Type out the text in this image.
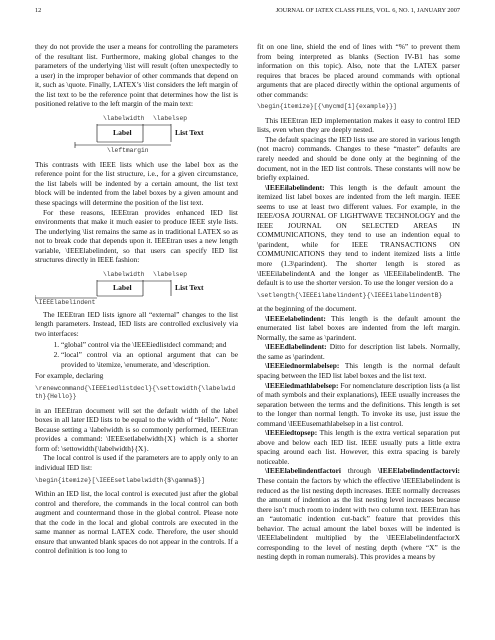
12	JOURNAL OF IATEX CLASS FILES, VOL. 6, NO. 1, JANUARY 2007

they do not provide the user a means for controlling the parameters of the resultant list. Furthermore, making global changes to the parameters of the underlying \list will result (often unexpectedly to a user) in the improper behavior of other commands that depend on it, such as \quote. Finally, LATEX’s \list considers the left margin of the list text to be the reference point that determines how the list is positioned relative to the left margin of the main text:

\labelwidth \labelsep
Label	List Text
\leftmargin

This contrasts with IEEE lists which use the label box as the reference point for the list structure, i.e., for a given circumstance, the list labels will be indented by a certain amount, the list text block will be indented from the label boxes by a given amount and these spacings will determine the position of the list text.

For these reasons, IEEEtran provides enhanced IED list environments that make it much easier to produce IEEE style lists. The underlying \list remains the same as in traditional LATEX so as not to break code that depends upon it. IEEEtran uses a new length variable, \IEEElabelindent, so that users can specify IED list structures directly in IEEE fashion:

\labelwidth \labelsep
Label	List Text
\IEEElabelindent

The IEEEtran IED lists ignore all “external” changes to the list length parameters. Instead, IED lists are controlled exclusively via two interfaces:

1. “global” control via the \IEEEiedlistdecl command; and
2. “local” control via an optional argument that can be provided to \itemize, \enumerate, and \description.

For example, declaring

\renewcommand{\IEEEiedlistdecl}{\settowidth{\labelwidth}{Hello}}

in an IEEEtran document will set the default width of the label boxes in all later IED lists to be equal to the width of “Hello”. Note: Because setting a \labelwidth is so commonly performed, IEEEtran provides a command: \IEEEsetlabelwidth{X} which is a shorter form of: \settowidth{\labelwidth}{X}.

The local control is used if the parameters are to apply only to an individual IED list:

\begin{itemize}[\IEEEsetlabelwidth{$\gamma$}]

Within an IED list, the local control is executed just after the global control and therefore, the commands in the local control can both augment and countermand those in the global control. Please note that the code in the local and global controls are executed in the same manner as normal LATEX code. Therefore, the user should ensure that unwanted blank spaces do not appear in the controls. If a control definition is too long to

fit on one line, shield the end of lines with “%” to prevent them from being interpreted as blanks (Section IV-B1 has some information on this topic). Also, note that the LATEX parser requires that braces be placed around commands with optional arguments that are placed directly within the optional arguments of other commands:

\begin{itemize}[{\mycmd[1]{example}}]

This IEEEtran IED implementation makes it easy to control IED lists, even when they are deeply nested.

The default spacings the IED lists use are stored in various length (not macro) commands. Changes to these “master” defaults are rarely needed and should be done only at the beginning of the document, not in the IED list controls. These constants will now be briefly explained.

\IEEEilabelindent: This length is the default amount the itemized list label boxes are indented from the left margin. IEEE seems to use at least two different values. For example, in the IEEE/OSA JOURNAL OF LIGHTWAVE TECHNOLOGY and the IEEE JOURNAL ON SELECTED AREAS IN COMMUNICATIONS, they tend to use an indention equal to \parindent, while for IEEE TRANSACTIONS ON COMMUNICATIONS they tend to indent itemized lists a little more (1.3\parindent). The shorter length is stored as \IEEEilabelindentA and the longer as \IEEEilabelindentB. The default is to use the shorter version. To use the longer version do a

\setlength{\IEEEilabelindent}{\IEEEilabelindentB}

at the beginning of the document.

\IEEEelabelindent: This length is the default amount the enumerated list label boxes are indented from the left margin. Normally, the same as \parindent.

\IEEEdlabelindent: Ditto for description list labels. Normally, the same as \parindent.

\IEEEiednormlabelsep: This length is the normal default spacing between the IED list label boxes and the list text.

\IEEEiedmathlabelsep: For nomenclature description lists (a list of math symbols and their explanations), IEEE usually increases the separation between the terms and the definitions. This length is set to the longer than normal length. To invoke its use, just issue the command \IEEEusemathlabelsep in a list control.

\IEEEiedtopsep: This length is the extra vertical separation put above and below each IED list. IEEE usually puts a little extra spacing around each list. However, this extra spacing is barely noticeable.

\IEEElabelindentfactori through \IEEElabelindentfactorvi: These contain the factors by which the effective \IEEElabelindent is reduced as the list nesting depth increases. IEEE normally decreases the amount of indention as the list nesting level increases because there isn’t much room to indent with two column text. IEEEtran has an “automatic indention cut-back” feature that provides this behavior. The actual amount the label boxes will be indented is \IEEElabelindent multiplied by the \IEEElabelindentfactorX corresponding to the level of nesting depth (where “X” is the nesting depth in roman numerals). This provides a means by
